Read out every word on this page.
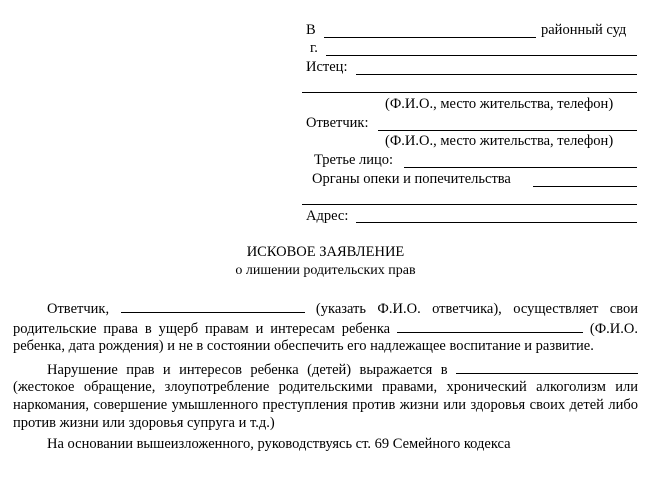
В	районный суд
г.
Истец:
(Ф.И.О., место жительства, телефон)
Ответчик:
(Ф.И.О., место жительства, телефон)
Третье лицо:
Органы опеки и попечительства
Адрес:
ИСКОВОЕ ЗАЯВЛЕНИЕ
о лишении родительских прав

Ответчик,	(указать Ф.И.О. ответчика), осуществляет свои родительские права в ущерб правам и интересам ребенка	(Ф.И.О. ребенка, дата рождения) и не в состоянии обеспечить его надлежащее воспитание и развитие.

Нарушение прав и интересов ребенка (детей) выражается в  (жестокое обращение, злоупотребление родительскими правами, хронический алкоголизм или наркомания, совершение умышленного преступления против жизни или здоровья своих детей либо против жизни или здоровья супруга и т.д.)

На основании вышеизложенного, руководствуясь ст. 69 Семейного кодекса
